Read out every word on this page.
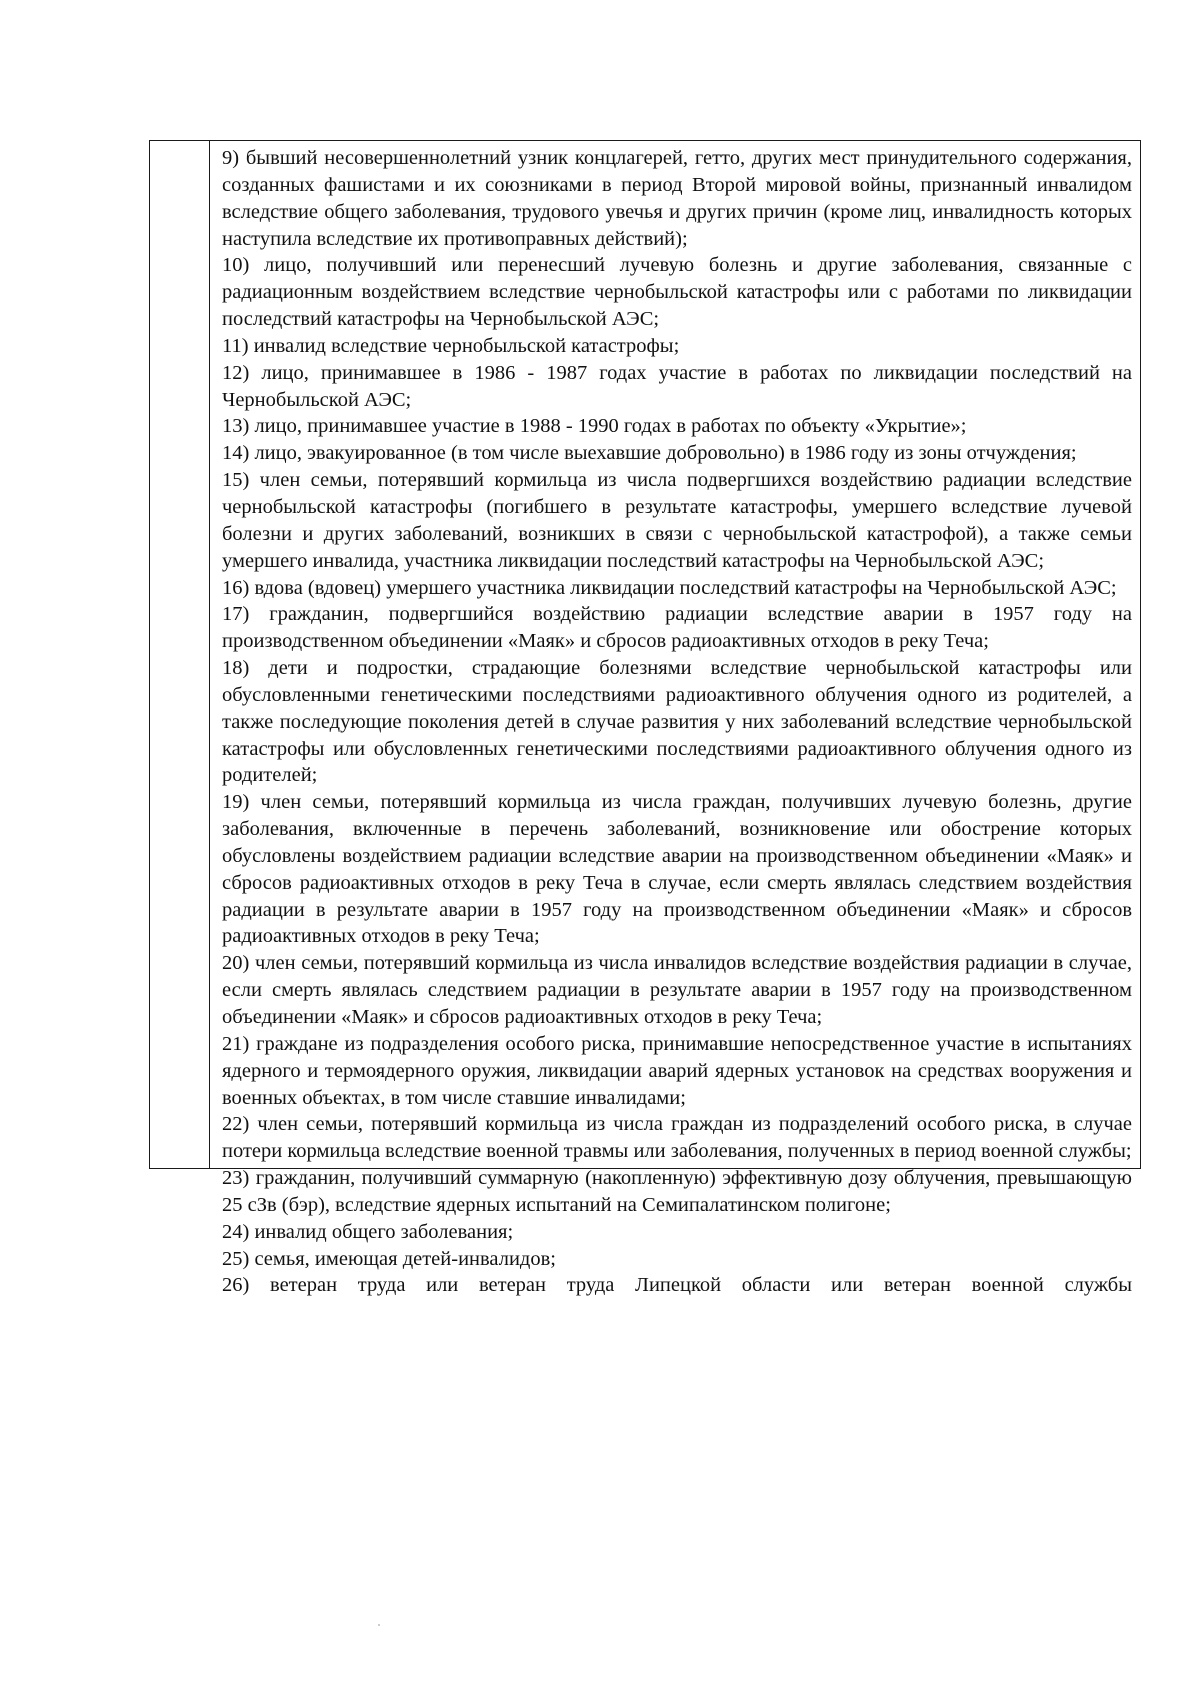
9) бывший несовершеннолетний узник концлагерей, гетто, других мест принудительного содержания, созданных фашистами и их союзниками в период Второй мировой войны, признанный инвалидом вследствие общего заболевания, трудового увечья и других причин (кроме лиц, инвалидность которых наступила вследствие их противоправных действий);

10) лицо, получивший или перенесший лучевую болезнь и другие заболевания, связанные с радиационным воздействием вследствие чернобыльской катастрофы или с работами по ликвидации последствий катастрофы на Чернобыльской АЭС;

11) инвалид вследствие чернобыльской катастрофы;

12) лицо, принимавшее в 1986 - 1987 годах участие в работах по ликвидации последствий на Чернобыльской АЭС;

13) лицо, принимавшее участие в 1988 - 1990 годах в работах по объекту «Укрытие»;

14) лицо, эвакуированное (в том числе выехавшие добровольно) в 1986 году из зоны отчуждения;

15) член семьи, потерявший кормильца из числа подвергшихся воздействию радиации вследствие чернобыльской катастрофы (погибшего в результате катастрофы, умершего вследствие лучевой болезни и других заболеваний, возникших в связи с чернобыльской катастрофой), а также семьи умершего инвалида, участника ликвидации последствий катастрофы на Чернобыльской АЭС;

16) вдова (вдовец) умершего участника ликвидации последствий катастрофы на Чернобыльской АЭС;

17) гражданин, подвергшийся воздействию радиации вследствие аварии в 1957 году на производственном объединении «Маяк» и сбросов радиоактивных отходов в реку Теча;

18) дети и подростки, страдающие болезнями вследствие чернобыльской катастрофы или обусловленными генетическими последствиями радиоактивного облучения одного из родителей, а также последующие поколения детей в случае развития у них заболеваний вследствие чернобыльской катастрофы или обусловленных генетическими последствиями радиоактивного облучения одного из родителей;

19) член семьи, потерявший кормильца из числа граждан, получивших лучевую болезнь, другие заболевания, включенные в перечень заболеваний, возникновение или обострение которых обусловлены воздействием радиации вследствие аварии на производственном объединении «Маяк» и сбросов радиоактивных отходов в реку Теча в случае, если смерть являлась следствием воздействия радиации в результате аварии в 1957 году на производственном объединении «Маяк» и сбросов радиоактивных отходов в реку Теча;

20) член семьи, потерявший кормильца из числа инвалидов вследствие воздействия радиации в случае, если смерть являлась следствием радиации в результате аварии в 1957 году на производственном объединении «Маяк» и сбросов радиоактивных отходов в реку Теча;

21) граждане из подразделения особого риска, принимавшие непосредственное участие в испытаниях ядерного и термоядерного оружия, ликвидации аварий ядерных установок на средствах вооружения и военных объектах, в том числе ставшие инвалидами;

22) член семьи, потерявший кормильца из числа граждан из подразделений особого риска, в случае потери кормильца вследствие военной травмы или заболевания, полученных в период военной службы;

23) гражданин, получивший суммарную (накопленную) эффективную дозу облучения, превышающую 25 сЗв (бэр), вследствие ядерных испытаний на Семипалатинском полигоне;

24) инвалид общего заболевания;

25) семья, имеющая детей-инвалидов;

26) ветеран труда или ветеран труда Липецкой области или ветеран военной службы
